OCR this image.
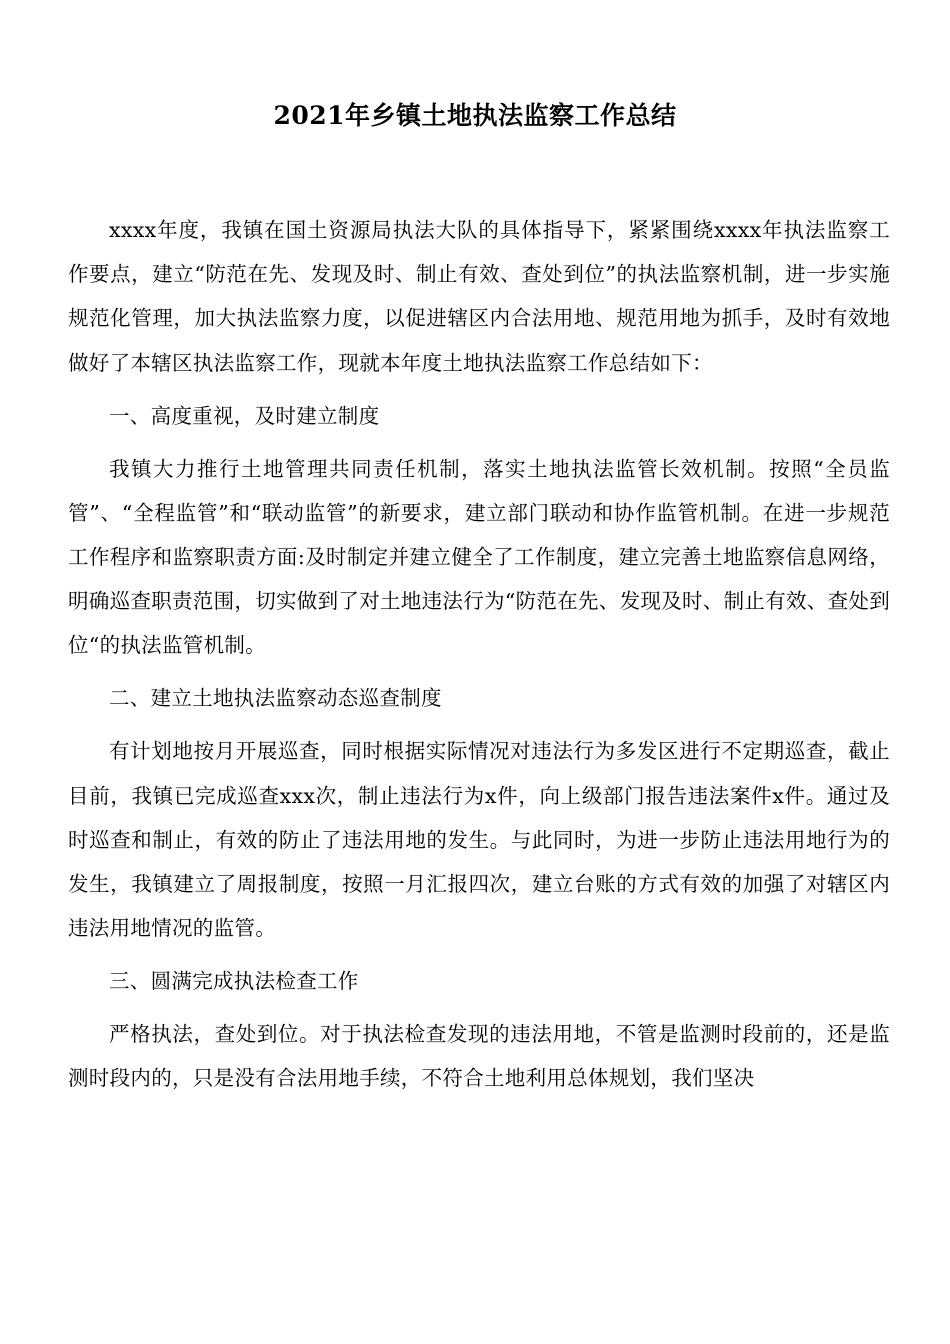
2021年乡镇土地执法监察工作总结

xxxx年度，我镇在国土资源局执法大队的具体指导下，紧紧围绕xxxx年执法监察工作要点，建立“防范在先、发现及时、制止有效、查处到位”的执法监察机制，进一步实施规范化管理，加大执法监察力度，以促进辖区内合法用地、规范用地为抓手，及时有效地做好了本辖区执法监察工作，现就本年度土地执法监察工作总结如下：

一、高度重视，及时建立制度

我镇大力推行土地管理共同责任机制，落实土地执法监管长效机制。按照“全员监管”、“全程监管”和“联动监管”的新要求，建立部门联动和协作监管机制。在进一步规范工作程序和监察职责方面:及时制定并建立健全了工作制度，建立完善土地监察信息网络，明确巡查职责范围，切实做到了对土地违法行为“防范在先、发现及时、制止有效、查处到位“的执法监管机制。

二、建立土地执法监察动态巡查制度

有计划地按月开展巡查，同时根据实际情况对违法行为多发区进行不定期巡查，截止目前，我镇已完成巡查xxx次，制止违法行为x件，向上级部门报告违法案件x件。通过及时巡查和制止，有效的防止了违法用地的发生。与此同时，为进一步防止违法用地行为的发生，我镇建立了周报制度，按照一月汇报四次，建立台账的方式有效的加强了对辖区内违法用地情况的监管。

三、圆满完成执法检查工作

严格执法，查处到位。对于执法检查发现的违法用地，不管是监测时段前的，还是监测时段内的，只是没有合法用地手续，不符合土地利用总体规划，我们坚决
